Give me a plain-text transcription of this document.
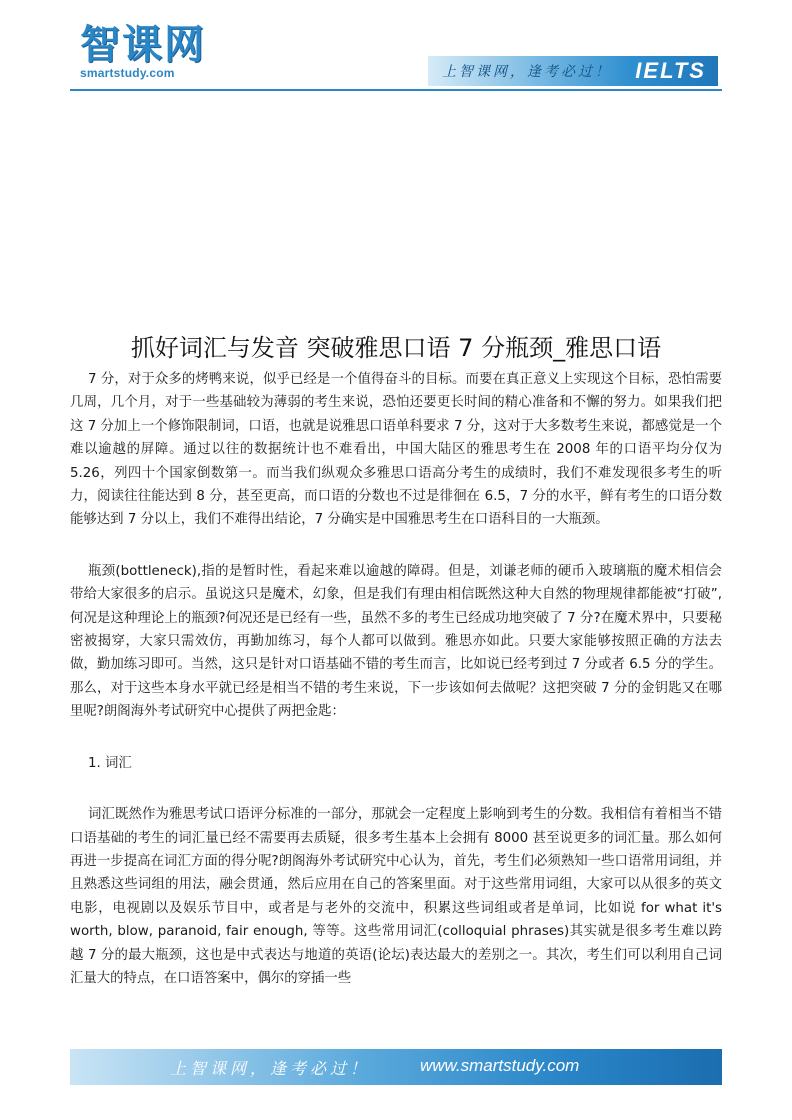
智课网
smartstudy.com	上智课网，逢考必过！ IELTS
抓好词汇与发音 突破雅思口语 7 分瓶颈_雅思口语

7 分，对于众多的烤鸭来说，似乎已经是一个值得奋斗的目标。而要在真正意义上实现这个目标，恐怕需要几周，几个月，对于一些基础较为薄弱的考生来说，恐怕还要更长时间的精心准备和不懈的努力。如果我们把这 7 分加上一个修饰限制词，口语，也就是说雅思口语单科要求 7 分，这对于大多数考生来说，都感觉是一个难以逾越的屏障。通过以往的数据统计也不难看出，中国大陆区的雅思考生在 2008 年的口语平均分仅为 5.26，列四十个国家倒数第一。而当我们纵观众多雅思口语高分考生的成绩时，我们不难发现很多考生的听力，阅读往往能达到 8 分，甚至更高，而口语的分数也不过是徘徊在 6.5，7 分的水平，鲜有考生的口语分数能够达到 7 分以上，我们不难得出结论，7 分确实是中国雅思考生在口语科目的一大瓶颈。

瓶颈(bottleneck),指的是暂时性，看起来难以逾越的障碍。但是，刘谦老师的硬币入玻璃瓶的魔术相信会带给大家很多的启示。虽说这只是魔术，幻象，但是我们有理由相信既然这种大自然的物理规律都能被“打破”,何况是这种理论上的瓶颈?何况还是已经有一些，虽然不多的考生已经成功地突破了 7 分?在魔术界中，只要秘密被揭穿，大家只需效仿，再勤加练习，每个人都可以做到。雅思亦如此。只要大家能够按照正确的方法去做，勤加练习即可。当然，这只是针对口语基础不错的考生而言，比如说已经考到过 7 分或者 6.5 分的学生。那么，对于这些本身水平就已经是相当不错的考生来说，下一步该如何去做呢？这把突破 7 分的金钥匙又在哪里呢?朗阁海外考试研究中心提供了两把金匙：

1. 词汇

词汇既然作为雅思考试口语评分标准的一部分，那就会一定程度上影响到考生的分数。我相信有着相当不错口语基础的考生的词汇量已经不需要再去质疑，很多考生基本上会拥有 8000 甚至说更多的词汇量。那么如何再进一步提高在词汇方面的得分呢?朗阁海外考试研究中心认为，首先，考生们必须熟知一些口语常用词组，并且熟悉这些词组的用法，融会贯通，然后应用在自己的答案里面。对于这些常用词组，大家可以从很多的英文电影，电视剧以及娱乐节目中，或者是与老外的交流中，积累这些词组或者是单词，比如说 for what it's worth, blow, paranoid, fair enough, 等等。这些常用词汇(colloquial phrases)其实就是很多考生难以跨越 7 分的最大瓶颈，这也是中式表达与地道的英语(论坛)表达最大的差别之一。其次，考生们可以利用自己词汇量大的特点，在口语答案中，偶尔的穿插一些

上智课网，逢考必过！	www.smartstudy.com
